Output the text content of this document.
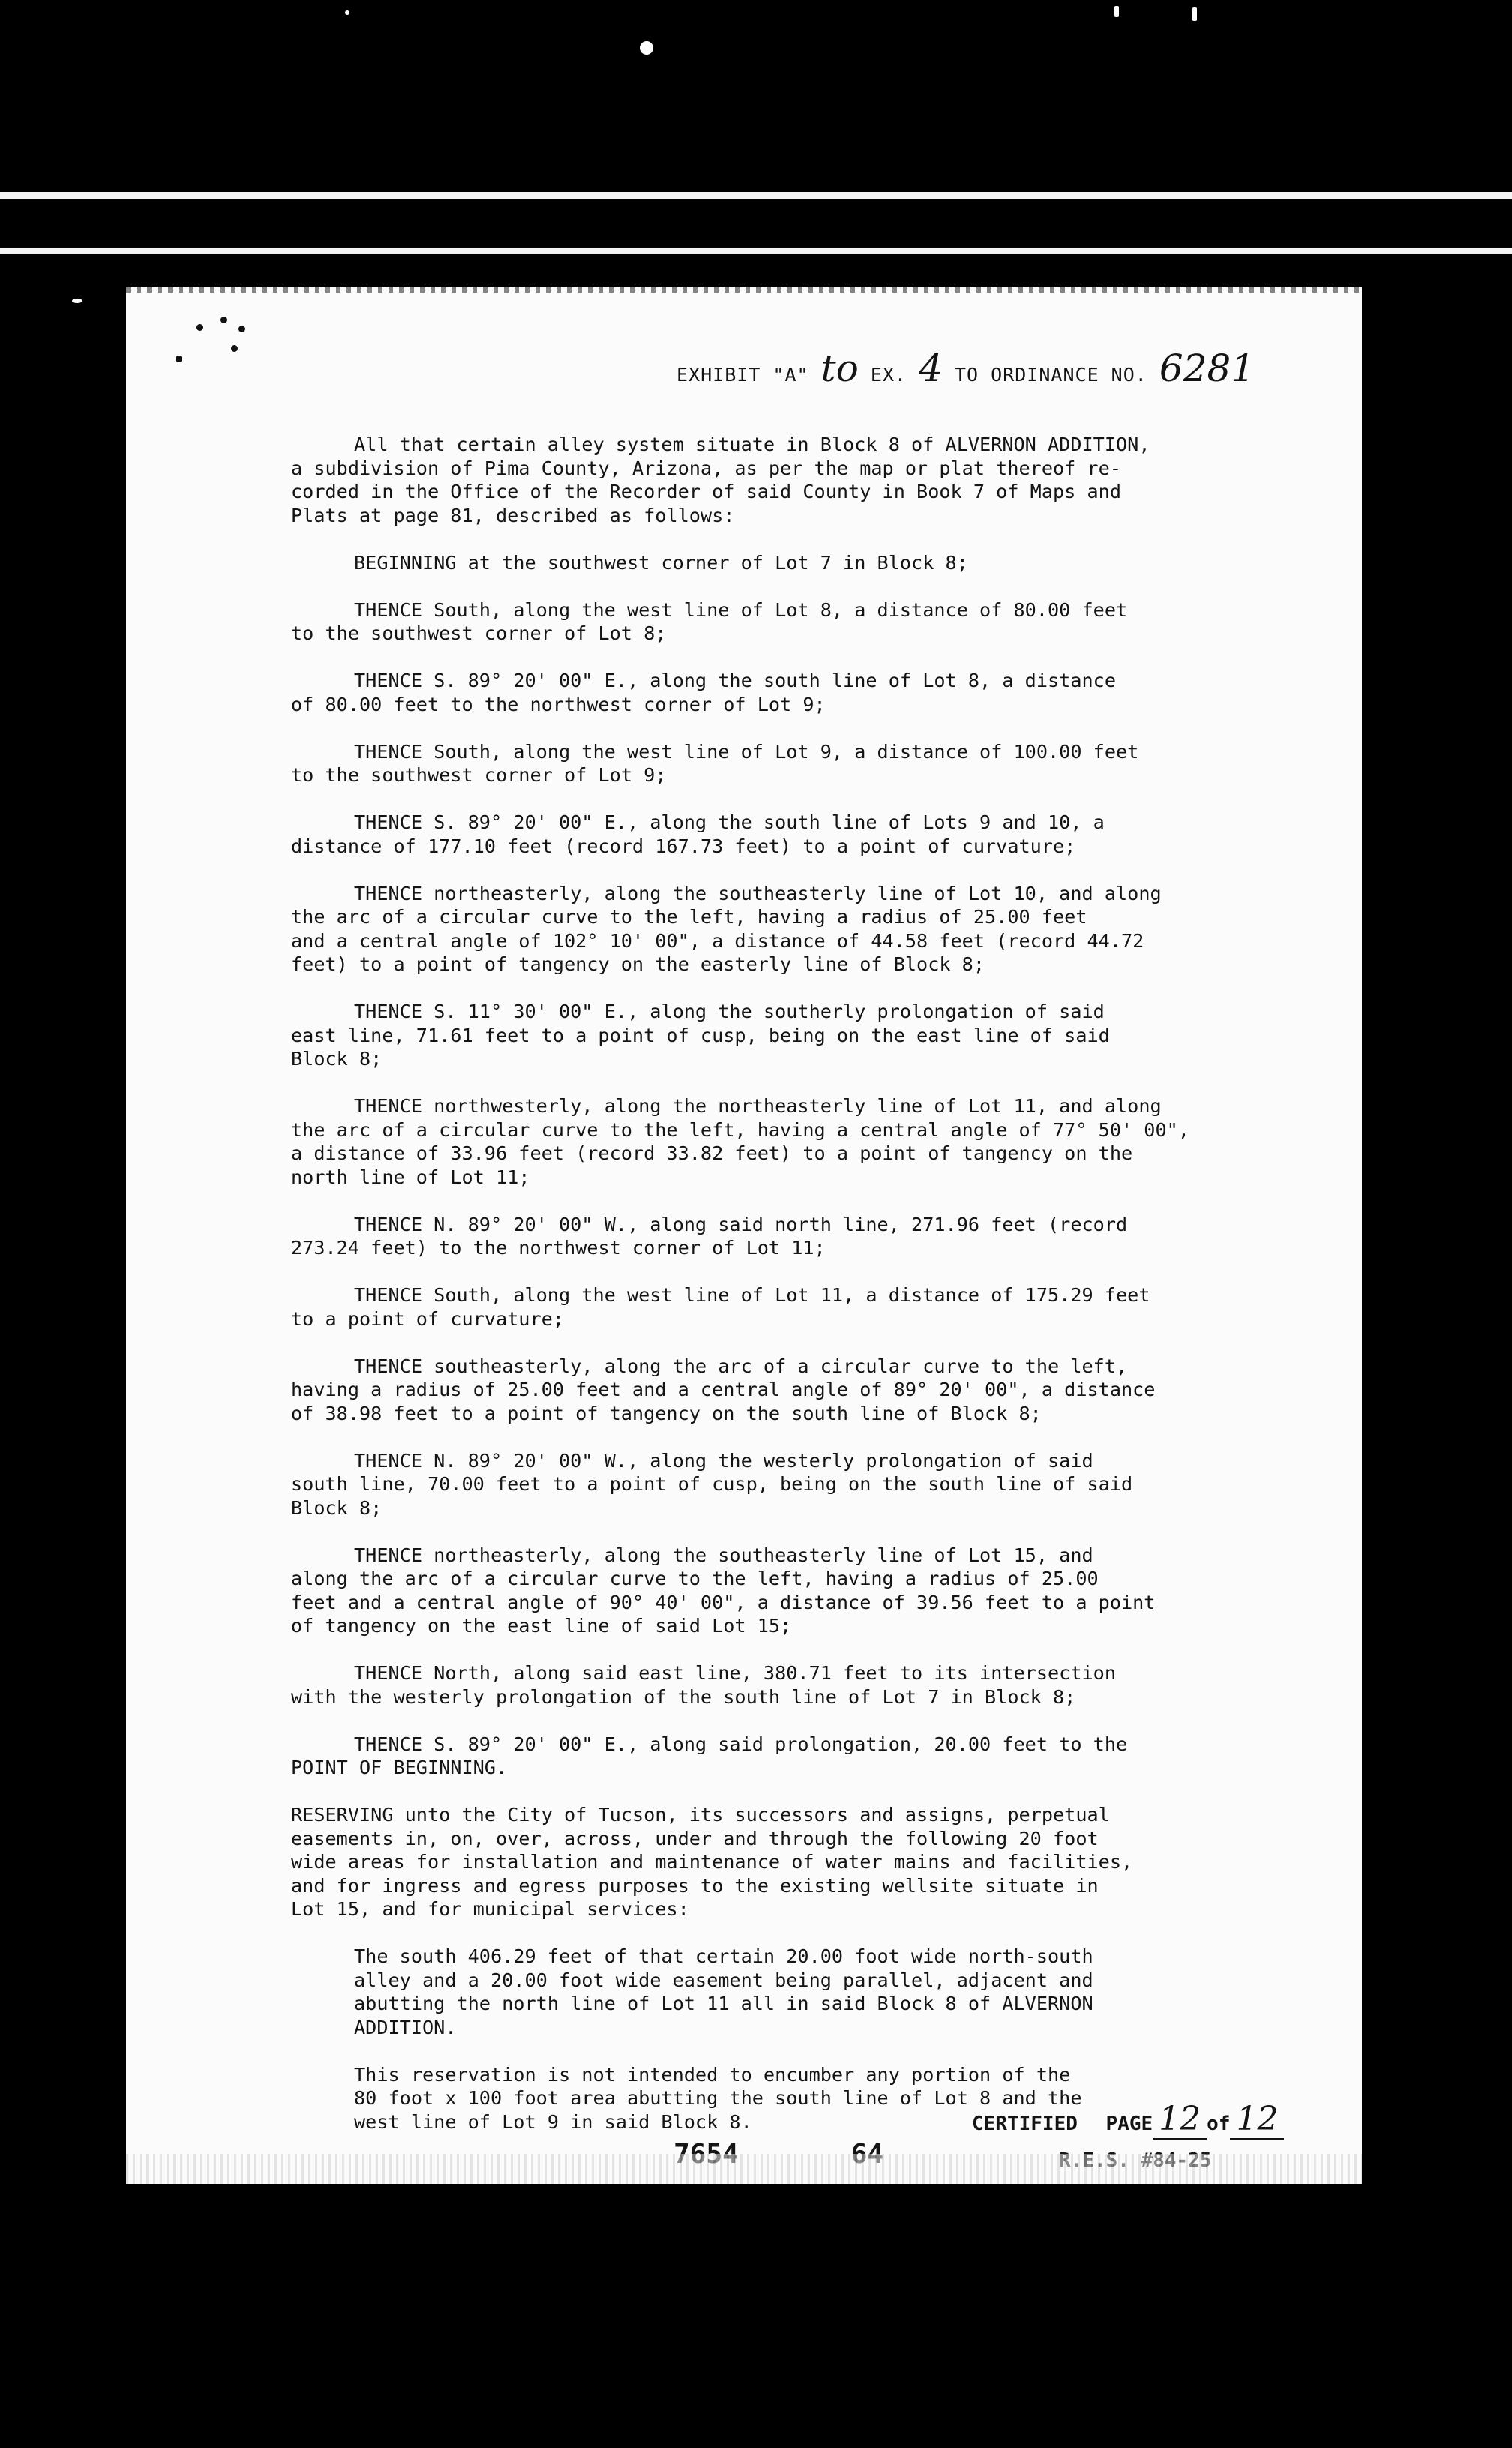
EXHIBIT "A" to EX. 4 TO ORDINANCE NO. 6281

All that certain alley system situate in Block 8 of ALVERNON ADDITION,
a subdivision of Pima County, Arizona, as per the map or plat thereof re-
corded in the Office of the Recorder of said County in Book 7 of Maps and
Plats at page 81, described as follows:

BEGINNING at the southwest corner of Lot 7 in Block 8;

THENCE South, along the west line of Lot 8, a distance of 80.00 feet
to the southwest corner of Lot 8;

THENCE S. 89° 20' 00" E., along the south line of Lot 8, a distance
of 80.00 feet to the northwest corner of Lot 9;

THENCE South, along the west line of Lot 9, a distance of 100.00 feet
to the southwest corner of Lot 9;

THENCE S. 89° 20' 00" E., along the south line of Lots 9 and 10, a
distance of 177.10 feet (record 167.73 feet) to a point of curvature;

THENCE northeasterly, along the southeasterly line of Lot 10, and along
the arc of a circular curve to the left, having a radius of 25.00 feet
and a central angle of 102° 10' 00", a distance of 44.58 feet (record 44.72
feet) to a point of tangency on the easterly line of Block 8;

THENCE S. 11° 30' 00" E., along the southerly prolongation of said
east line, 71.61 feet to a point of cusp, being on the east line of said
Block 8;

THENCE northwesterly, along the northeasterly line of Lot 11, and along
the arc of a circular curve to the left, having a central angle of 77° 50' 00",
a distance of 33.96 feet (record 33.82 feet) to a point of tangency on the
north line of Lot 11;

THENCE N. 89° 20' 00" W., along said north line, 271.96 feet (record
273.24 feet) to the northwest corner of Lot 11;

THENCE South, along the west line of Lot 11, a distance of 175.29 feet
to a point of curvature;

THENCE southeasterly, along the arc of a circular curve to the left,
having a radius of 25.00 feet and a central angle of 89° 20' 00", a distance
of 38.98 feet to a point of tangency on the south line of Block 8;

THENCE N. 89° 20' 00" W., along the westerly prolongation of said
south line, 70.00 feet to a point of cusp, being on the south line of said
Block 8;

THENCE northeasterly, along the southeasterly line of Lot 15, and
along the arc of a circular curve to the left, having a radius of 25.00
feet and a central angle of 90° 40' 00", a distance of 39.56 feet to a point
of tangency on the east line of said Lot 15;

THENCE North, along said east line, 380.71 feet to its intersection
with the westerly prolongation of the south line of Lot 7 in Block 8;

THENCE S. 89° 20' 00" E., along said prolongation, 20.00 feet to the
POINT OF BEGINNING.

RESERVING unto the City of Tucson, its successors and assigns, perpetual
easements in, on, over, across, under and through the following 20 foot
wide areas for installation and maintenance of water mains and facilities,
and for ingress and egress purposes to the existing wellsite situate in
Lot 15, and for municipal services:

The south 406.29 feet of that certain 20.00 foot wide north-south
alley and a 20.00 foot wide easement being parallel, adjacent and
abutting the north line of Lot 11 all in said Block 8 of ALVERNON
ADDITION.

This reservation is not intended to encumber any portion of the
80 foot x 100 foot area abutting the south line of Lot 8 and the
west line of Lot 9 in said Block 8.	CERTIFIED PAGE 12 of 12
